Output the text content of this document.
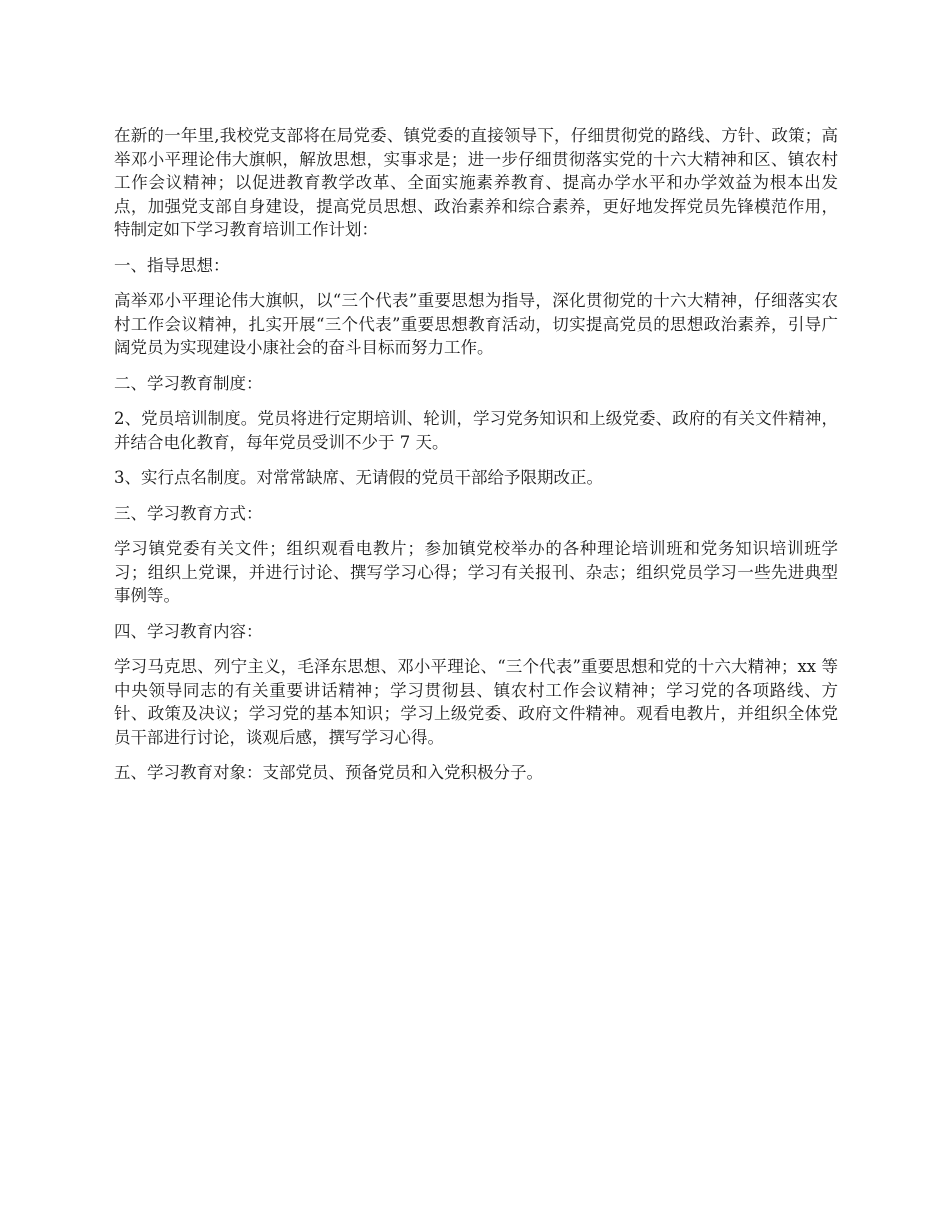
在新的一年里,我校党支部将在局党委、镇党委的直接领导下，仔细贯彻党的路线、方针、政策；高举邓小平理论伟大旗帜，解放思想，实事求是；进一步仔细贯彻落实党的十六大精神和区、镇农村工作会议精神；以促进教育教学改革、全面实施素养教育、提高办学水平和办学效益为根本出发点，加强党支部自身建设，提高党员思想、政治素养和综合素养，更好地发挥党员先锋模范作用，特制定如下学习教育培训工作计划：

一、指导思想：

高举邓小平理论伟大旗帜，以“三个代表”重要思想为指导，深化贯彻党的十六大精神，仔细落实农村工作会议精神，扎实开展“三个代表”重要思想教育活动，切实提高党员的思想政治素养，引导广阔党员为实现建设小康社会的奋斗目标而努力工作。

二、学习教育制度：

2、党员培训制度。党员将进行定期培训、轮训，学习党务知识和上级党委、政府的有关文件精神，并结合电化教育，每年党员受训不少于 7 天。

3、实行点名制度。对常常缺席、无请假的党员干部给予限期改正。

三、学习教育方式：

学习镇党委有关文件；组织观看电教片；参加镇党校举办的各种理论培训班和党务知识培训班学习；组织上党课，并进行讨论、撰写学习心得；学习有关报刊、杂志；组织党员学习一些先进典型事例等。

四、学习教育内容：

学习马克思、列宁主义，毛泽东思想、邓小平理论、“三个代表”重要思想和党的十六大精神；xx 等中央领导同志的有关重要讲话精神；学习贯彻县、镇农村工作会议精神；学习党的各项路线、方针、政策及决议；学习党的基本知识；学习上级党委、政府文件精神。观看电教片，并组织全体党员干部进行讨论，谈观后感，撰写学习心得。

五、学习教育对象：支部党员、预备党员和入党积极分子。
